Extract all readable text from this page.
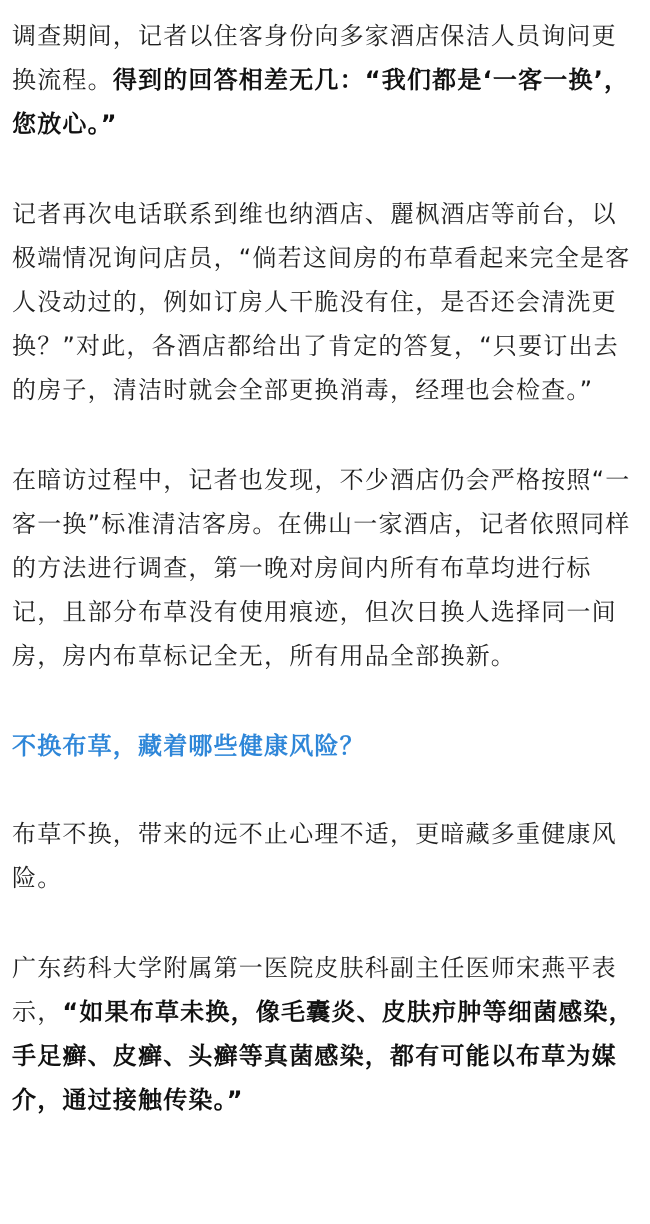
调查期间，记者以住客身份向多家酒店保洁人员询问更换流程。得到的回答相差无几：“我们都是‘一客一换’，您放心。”

记者再次电话联系到维也纳酒店、麗枫酒店等前台，以极端情况询问店员，“倘若这间房的布草看起来完全是客人没动过的，例如订房人干脆没有住，是否还会清洗更换？”对此，各酒店都给出了肯定的答复，“只要订出去的房子，清洁时就会全部更换消毒，经理也会检查。”

在暗访过程中，记者也发现，不少酒店仍会严格按照“一客一换”标准清洁客房。在佛山一家酒店，记者依照同样的方法进行调查，第一晚对房间内所有布草均进行标记，且部分布草没有使用痕迹，但次日换人选择同一间房，房内布草标记全无，所有用品全部换新。

不换布草，藏着哪些健康风险？

布草不换，带来的远不止心理不适，更暗藏多重健康风险。

广东药科大学附属第一医院皮肤科副主任医师宋燕平表示，“如果布草未换，像毛囊炎、皮肤疖肿等细菌感染，手足癣、皮癣、头癣等真菌感染，都有可能以布草为媒介，通过接触传染。”
